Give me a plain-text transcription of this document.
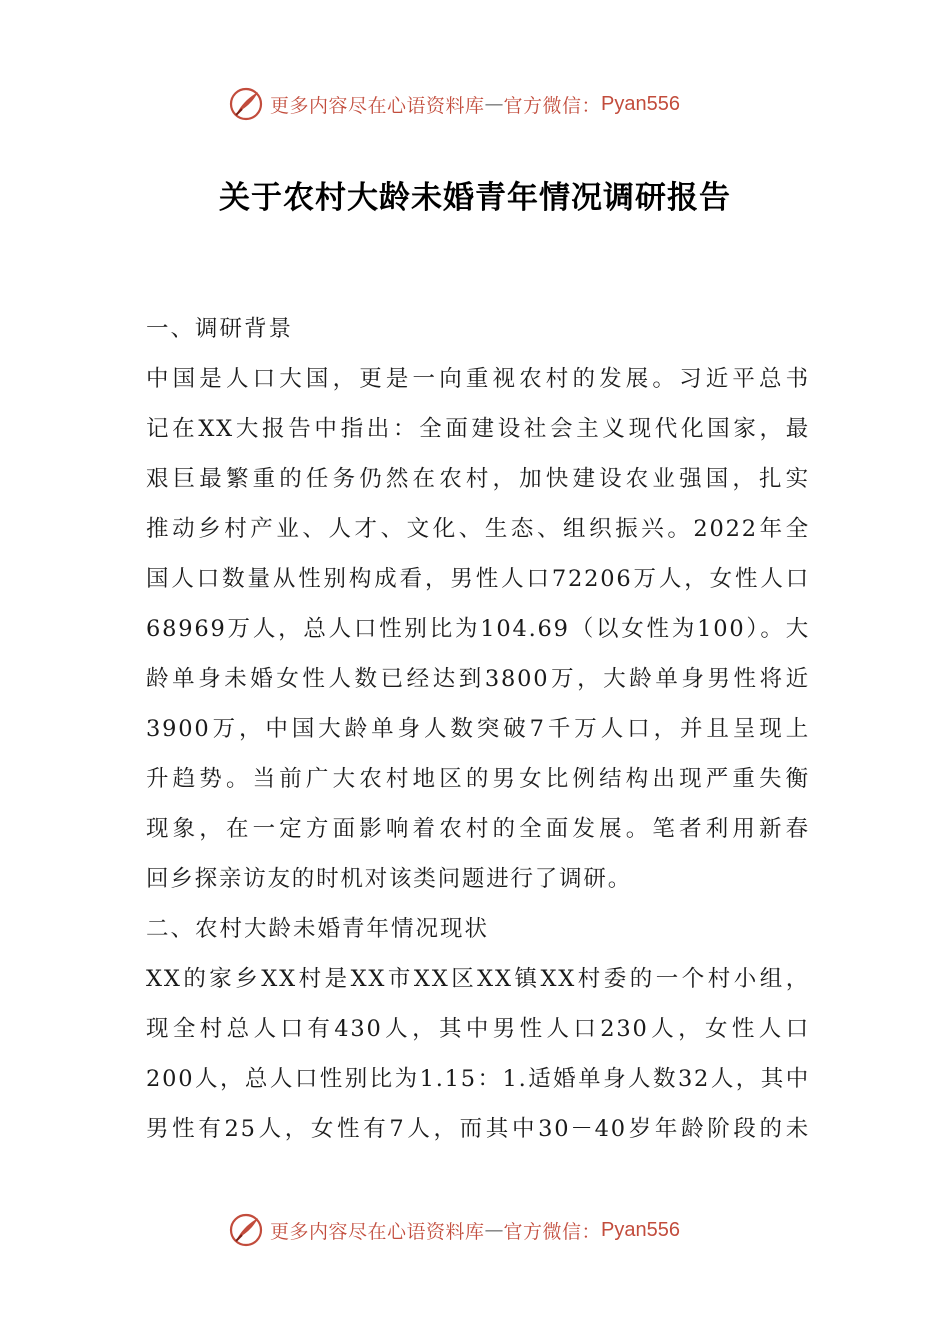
更多内容尽在心语资料库 — 官方微信： Pyan556
关于农村大龄未婚青年情况调研报告
一、调研背景
中国是人口大国，更是一向重视农村的发展。习近平总书
记在XX大报告中指出：全面建设社会主义现代化国家，最
艰巨最繁重的任务仍然在农村，加快建设农业强国，扎实
推动乡村产业、人才、文化、生态、组织振兴。2022年全
国人口数量从性别构成看，男性人口72206万人，女性人口
68969万人，总人口性别比为104.69（以女性为100）。大
龄单身未婚女性人数已经达到3800万，大龄单身男性将近
3900万，中国大龄单身人数突破7千万人口，并且呈现上
升趋势。当前广大农村地区的男女比例结构出现严重失衡
现象，在一定方面影响着农村的全面发展。笔者利用新春
回乡探亲访友的时机对该类问题进行了调研。
二、农村大龄未婚青年情况现状
XX的家乡XX村是XX市XX区XX镇XX村委的一个村小组，
现全村总人口有430人，其中男性人口230人，女性人口
200人，总人口性别比为1.15：1.适婚单身人数32人，其中
男性有25人，女性有7人，而其中30－40岁年龄阶段的未
更多内容尽在心语资料库 — 官方微信： Pyan556
